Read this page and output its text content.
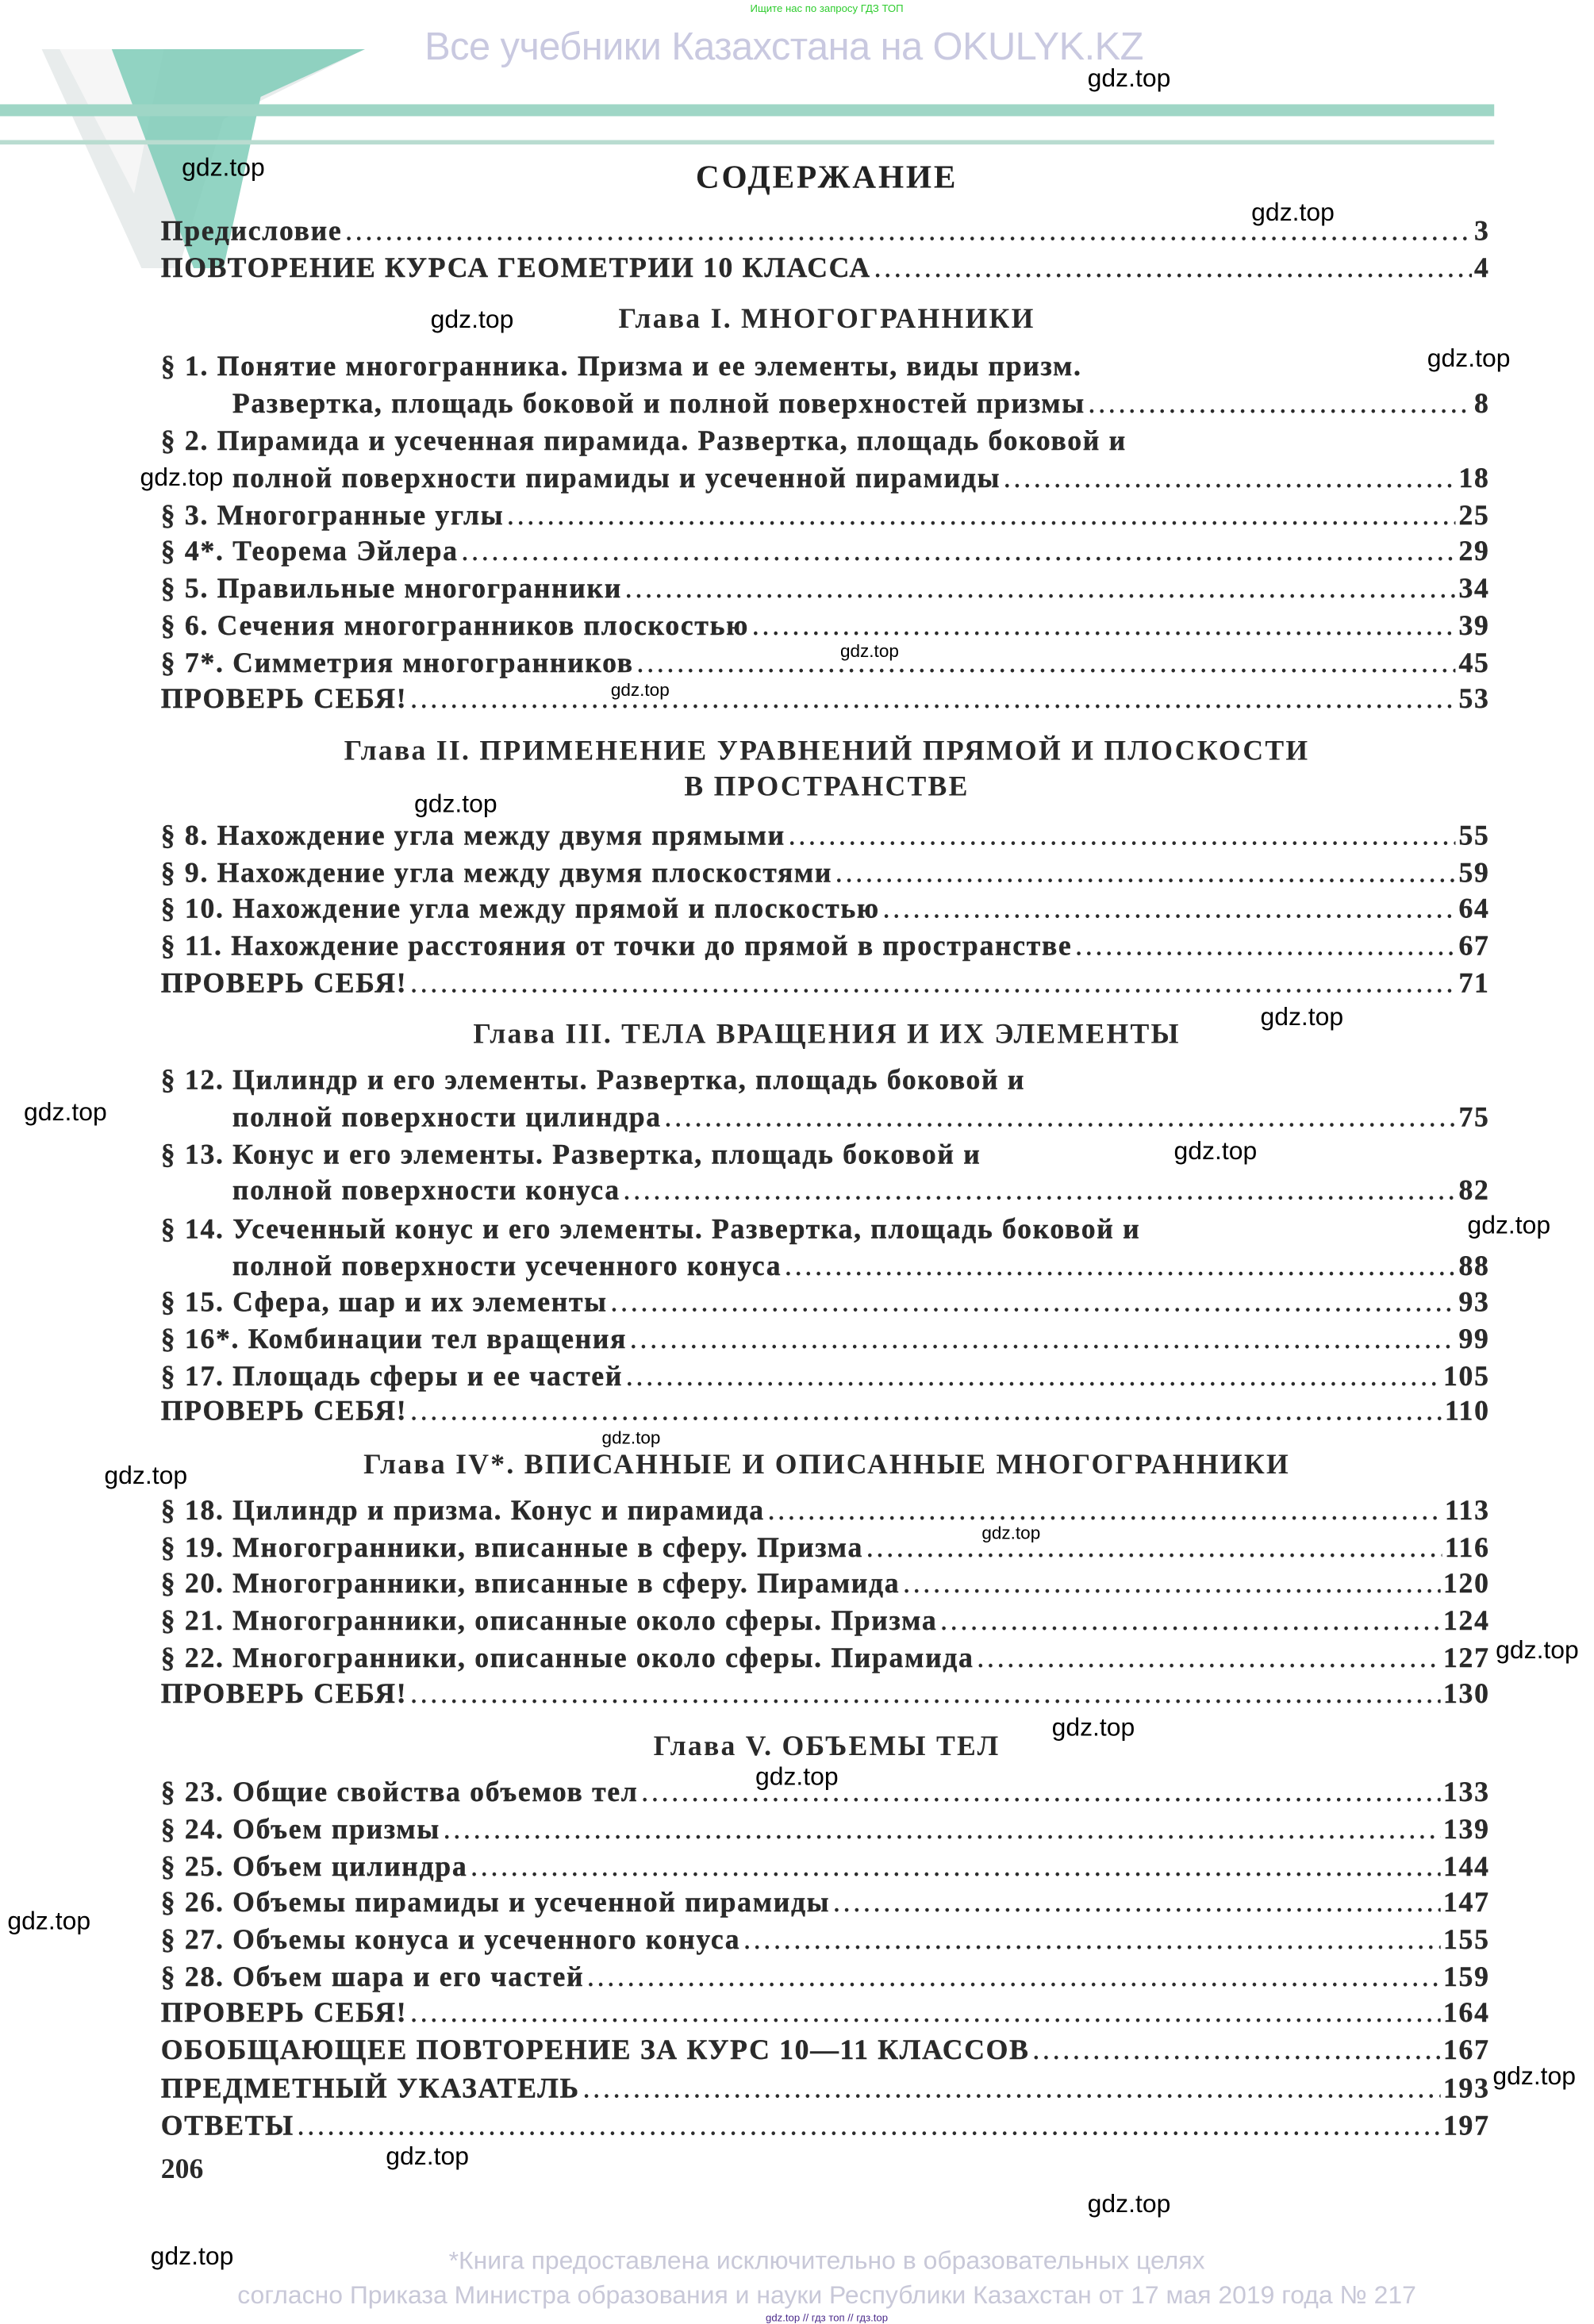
Ищите нас по запросу ГДЗ ТОП
Все учебники Казахстана на OKULYK.KZ
СОДЕРЖАНИЕ
Предисловие .....	3
ПОВТОРЕНИЕ КУРСА ГЕОМЕТРИИ 10 КЛАССА .....	4
Глава I. МНОГОГРАННИКИ
§ 1. Понятие многогранника. Призма и ее элементы, виды призм.
Развертка, площадь боковой и полной поверхностей призмы .....	8
§ 2. Пирамида и усеченная пирамида. Развертка, площадь боковой и
полной поверхности пирамиды и усеченной пирамиды .....	18
§ 3. Многогранные углы .....	25
§ 4*. Теорема Эйлера .....	29
§ 5. Правильные многогранники .....	34
§ 6. Сечения многогранников плоскостью .....	39
§ 7*. Симметрия многогранников .....	45
ПРОВЕРЬ СЕБЯ! .....	53
Глава II. ПРИМЕНЕНИЕ УРАВНЕНИЙ ПРЯМОЙ И ПЛОСКОСТИ
В ПРОСТРАНСТВЕ
§ 8. Нахождение угла между двумя прямыми .....	55
§ 9. Нахождение угла между двумя плоскостями .....	59
§ 10. Нахождение угла между прямой и плоскостью .....	64
§ 11. Нахождение расстояния от точки до прямой в пространстве .....	67
ПРОВЕРЬ СЕБЯ! .....	71
Глава III. ТЕЛА ВРАЩЕНИЯ И ИХ ЭЛЕМЕНТЫ
§ 12. Цилиндр и его элементы. Развертка, площадь боковой и
полной поверхности цилиндра .....	75
§ 13. Конус и его элементы. Развертка, площадь боковой и
полной поверхности конуса .....	82
§ 14. Усеченный конус и его элементы. Развертка, площадь боковой и
полной поверхности усеченного конуса .....	88
§ 15. Сфера, шар и их элементы .....	93
§ 16*. Комбинации тел вращения .....	99
§ 17. Площадь сферы и ее частей .....	105
ПРОВЕРЬ СЕБЯ! .....	110
Глава IV*. ВПИСАННЫЕ И ОПИСАННЫЕ МНОГОГРАННИКИ
§ 18. Цилиндр и призма. Конус и пирамида .....	113
§ 19. Многогранники, вписанные в сферу. Призма .....	116
§ 20. Многогранники, вписанные в сферу. Пирамида .....	120
§ 21. Многогранники, описанные около сферы. Призма .....	124
§ 22. Многогранники, описанные около сферы. Пирамида .....	127
ПРОВЕРЬ СЕБЯ! .....	130
Глава V. ОБЪЕМЫ ТЕЛ
§ 23. Общие свойства объемов тел .....	133
§ 24. Объем призмы .....	139
§ 25. Объем цилиндра .....	144
§ 26. Объемы пирамиды и усеченной пирамиды .....	147
§ 27. Объемы конуса и усеченного конуса .....	155
§ 28. Объем шара и его частей .....	159
ПРОВЕРЬ СЕБЯ! .....	164
ОБОБЩАЮЩЕЕ ПОВТОРЕНИЕ ЗА КУРС 10—11 КЛАССОВ .....	167
ПРЕДМЕТНЫЙ УКАЗАТЕЛЬ .....	193
ОТВЕТЫ .....	197
206
*Книга предоставлена исключительно в образовательных целях
согласно Приказа Министра образования и науки Республики Казахстан от 17 мая 2019 года № 217
gdz.top // гдз топ // гдз.top
gdz.top
gdz.top
gdz.top
gdz.top
gdz.top
gdz.top
gdz.top
gdz.top
gdz.top
gdz.top
gdz.top
gdz.top
gdz.top
gdz.top
gdz.top
gdz.top
gdz.top
gdz.top
gdz.top
gdz.top
gdz.top
gdz.top
gdz.top
gdz.top
